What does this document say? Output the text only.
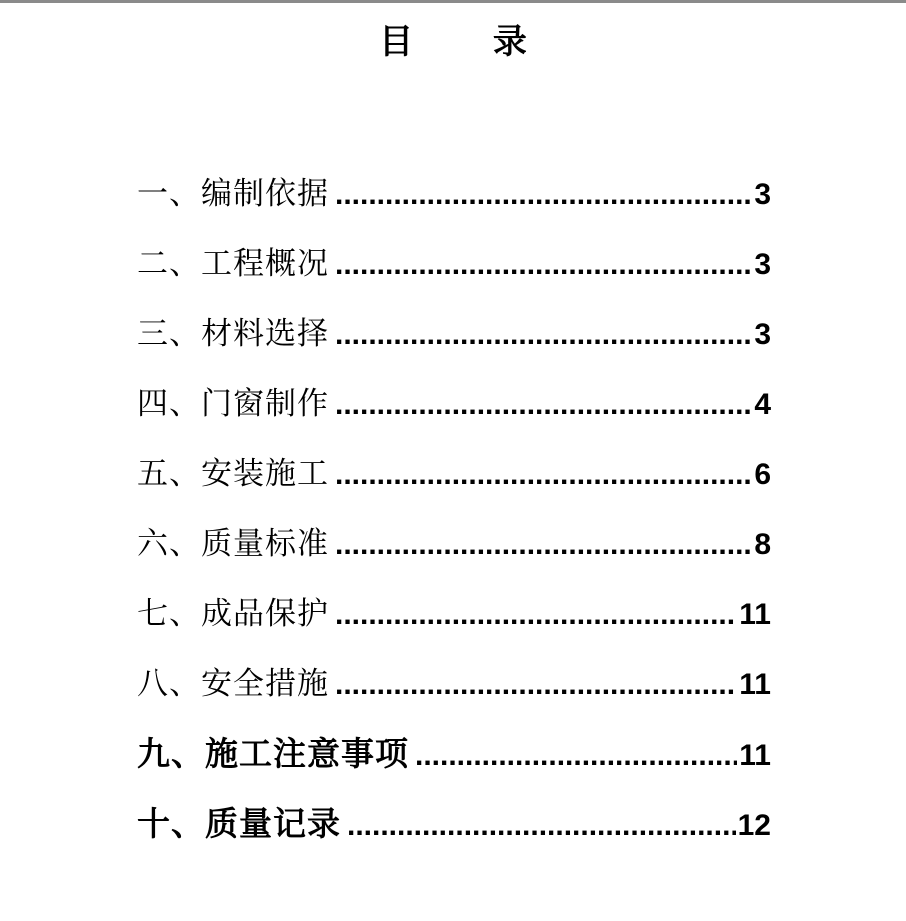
目 录
一、编制依据 .....	3
二、工程概况 .....	3
三、材料选择 .....	3
四、门窗制作 .....	4
五、安装施工 .....	6
六、质量标准 .....	8
七、成品保护 .....	11
八、安全措施 .....	11
九、施工注意事项 .....	11
十、质量记录 .....	12
